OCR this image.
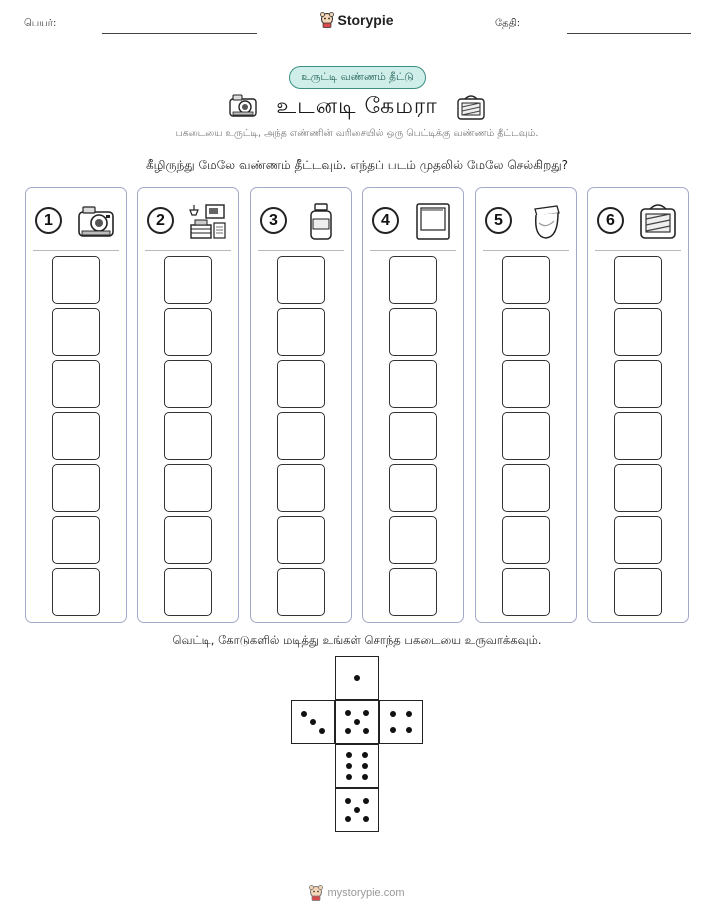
பெயர்:	தேதி:
Storypie
உருட்டி வண்ணம் தீட்டு
உடனடி கேமரா
பகடையை உருட்டி, அந்த எண்ணின் வரிசையில் ஒரு பெட்டிக்கு வண்ணம் தீட்டவும்.
கீழிருந்து மேலே வண்ணம் தீட்டவும். எந்தப் படம் முதலில் மேலே செல்கிறது?
1	2	3	4	5	6
வெட்டி, கோடுகளில் மடித்து உங்கள் சொந்த பகடையை உருவாக்கவும்.
mystorypie.com
